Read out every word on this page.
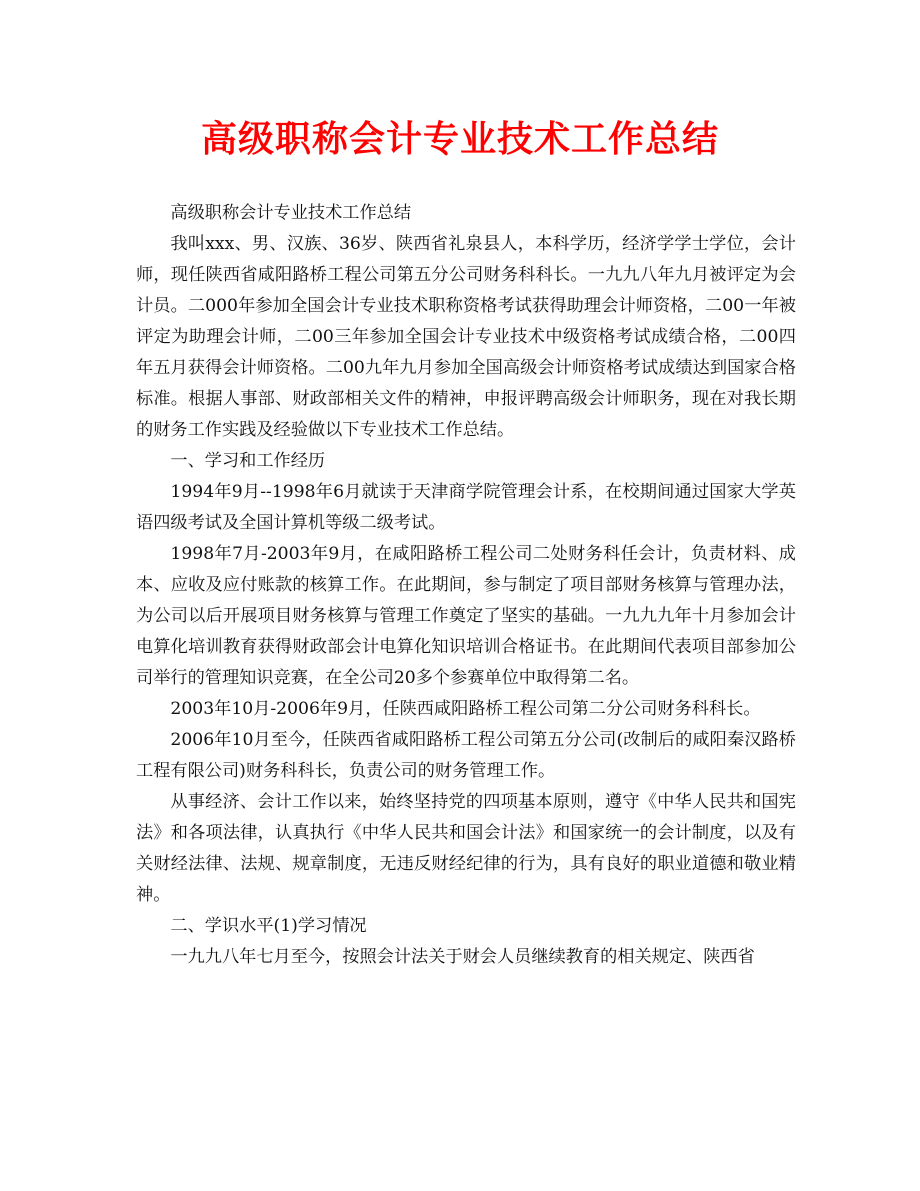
高级职称会计专业技术工作总结

高级职称会计专业技术工作总结

我叫xxx、男、汉族、36岁、陕西省礼泉县人，本科学历，经济学学士学位，会计师，现任陕西省咸阳路桥工程公司第五分公司财务科科长。一九九八年九月被评定为会计员。二000年参加全国会计专业技术职称资格考试获得助理会计师资格，二00一年被评定为助理会计师，二00三年参加全国会计专业技术中级资格考试成绩合格，二00四年五月获得会计师资格。二00九年九月参加全国高级会计师资格考试成绩达到国家合格标准。根据人事部、财政部相关文件的精神，申报评聘高级会计师职务，现在对我长期的财务工作实践及经验做以下专业技术工作总结。

一、学习和工作经历

1994年9月--1998年6月就读于天津商学院管理会计系，在校期间通过国家大学英语四级考试及全国计算机等级二级考试。

1998年7月-2003年9月，在咸阳路桥工程公司二处财务科任会计，负责材料、成本、应收及应付账款的核算工作。在此期间，参与制定了项目部财务核算与管理办法，为公司以后开展项目财务核算与管理工作奠定了坚实的基础。一九九九年十月参加会计电算化培训教育获得财政部会计电算化知识培训合格证书。在此期间代表项目部参加公司举行的管理知识竞赛，在全公司20多个参赛单位中取得第二名。

2003年10月-2006年9月，任陕西咸阳路桥工程公司第二分公司财务科科长。

2006年10月至今，任陕西省咸阳路桥工程公司第五分公司(改制后的咸阳秦汉路桥工程有限公司)财务科科长，负责公司的财务管理工作。

从事经济、会计工作以来，始终坚持党的四项基本原则，遵守《中华人民共和国宪法》和各项法律，认真执行《中华人民共和国会计法》和国家统一的会计制度，以及有关财经法律、法规、规章制度，无违反财经纪律的行为，具有良好的职业道德和敬业精神。

二、学识水平(1)学习情况

一九九八年七月至今，按照会计法关于财会人员继续教育的相关规定、陕西省
